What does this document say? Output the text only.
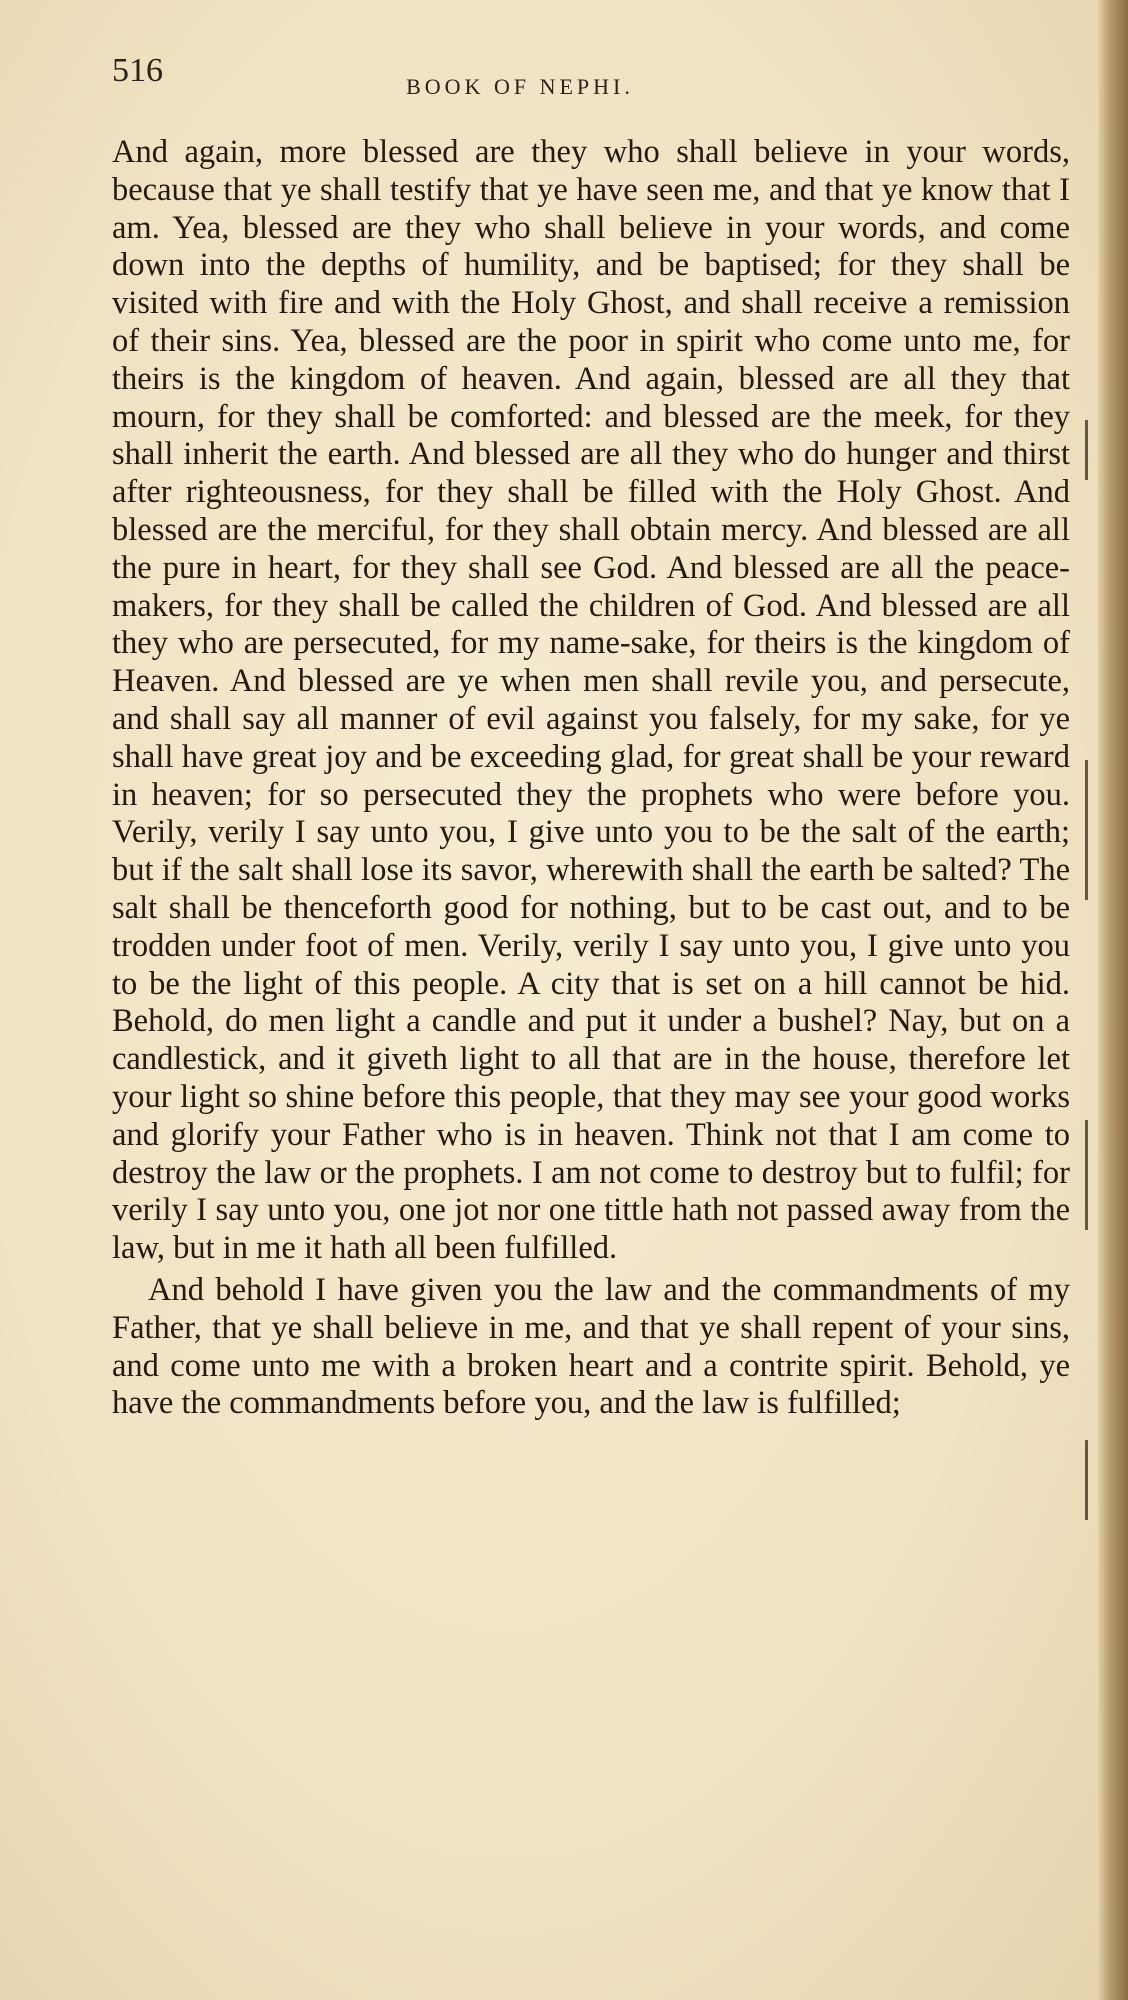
516	BOOK OF NEPHI.

And again, more blessed are they who shall believe in your words, because that ye shall testify that ye have seen me, and that ye know that I am. Yea, blessed are they who shall believe in your words, and come down into the depths of humility, and be baptised; for they shall be visited with fire and with the Holy Ghost, and shall receive a remission of their sins. Yea, blessed are the poor in spirit who come unto me, for theirs is the kingdom of heaven. And again, blessed are all they that mourn, for they shall be comforted: and blessed are the meek, for they shall inherit the earth. And blessed are all they who do hunger and thirst after righteousness, for they shall be filled with the Holy Ghost. And blessed are the merciful, for they shall obtain mercy. And blessed are all the pure in heart, for they shall see God. And blessed are all the peace-makers, for they shall be called the children of God. And blessed are all they who are persecuted, for my name-sake, for theirs is the kingdom of Heaven. And blessed are ye when men shall revile you, and persecute, and shall say all manner of evil against you falsely, for my sake, for ye shall have great joy and be exceeding glad, for great shall be your reward in heaven; for so persecuted they the prophets who were before you. Verily, verily I say unto you, I give unto you to be the salt of the earth; but if the salt shall lose its savor, wherewith shall the earth be salted? The salt shall be thenceforth good for nothing, but to be cast out, and to be trodden under foot of men. Verily, verily I say unto you, I give unto you to be the light of this people. A city that is set on a hill cannot be hid. Behold, do men light a candle and put it under a bushel? Nay, but on a candlestick, and it giveth light to all that are in the house, therefore let your light so shine before this people, that they may see your good works and glorify your Father who is in heaven. Think not that I am come to destroy the law or the prophets. I am not come to destroy but to fulfil; for verily I say unto you, one jot nor one tittle hath not passed away from the law, but in me it hath all been fulfilled.

And behold I have given you the law and the commandments of my Father, that ye shall believe in me, and that ye shall repent of your sins, and come unto me with a broken heart and a contrite spirit. Behold, ye have the commandments before you, and the law is fulfilled;
